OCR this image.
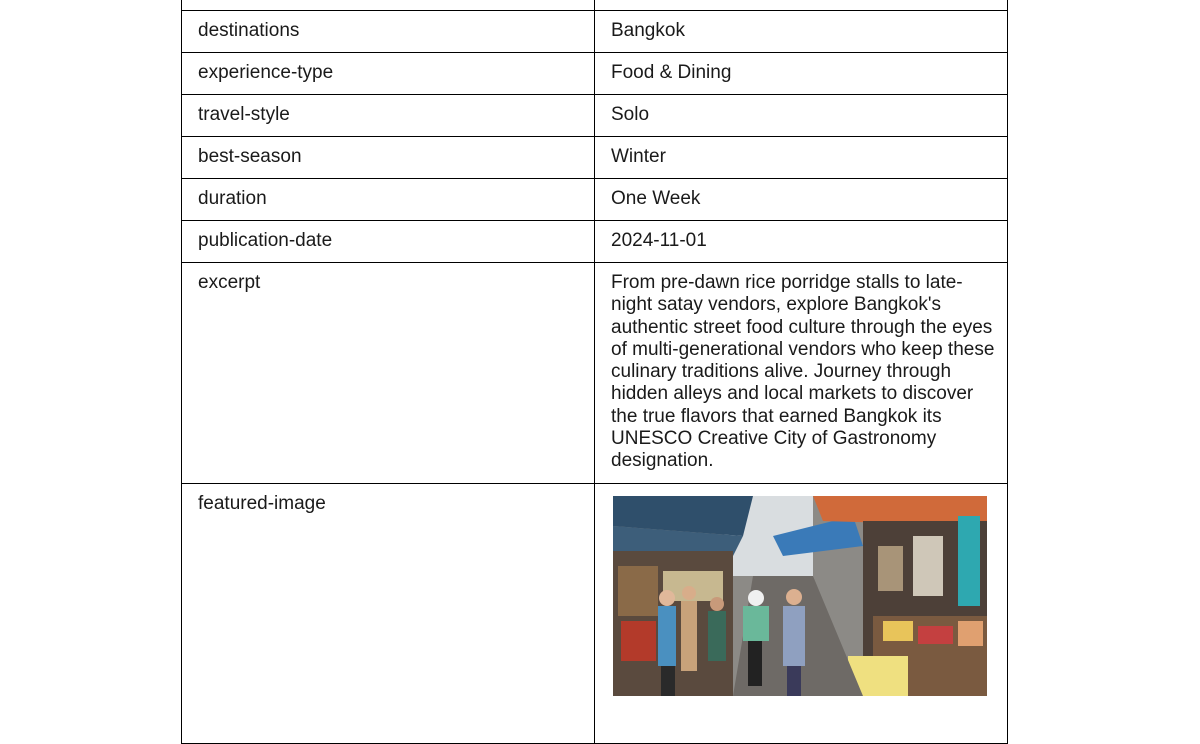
destinations	Bangkok
experience-type	Food & Dining
travel-style	Solo
best-season	Winter
duration	One Week
publication-date	2024-11-01
excerpt	From pre-dawn rice porridge stalls to late-night satay vendors, explore Bangkok's authentic street food culture through the eyes of multi-generational vendors who keep these culinary traditions alive. Journey through hidden alleys and local markets to discover the true flavors that earned Bangkok its UNESCO Creative City of Gastronomy designation.
featured-image	
